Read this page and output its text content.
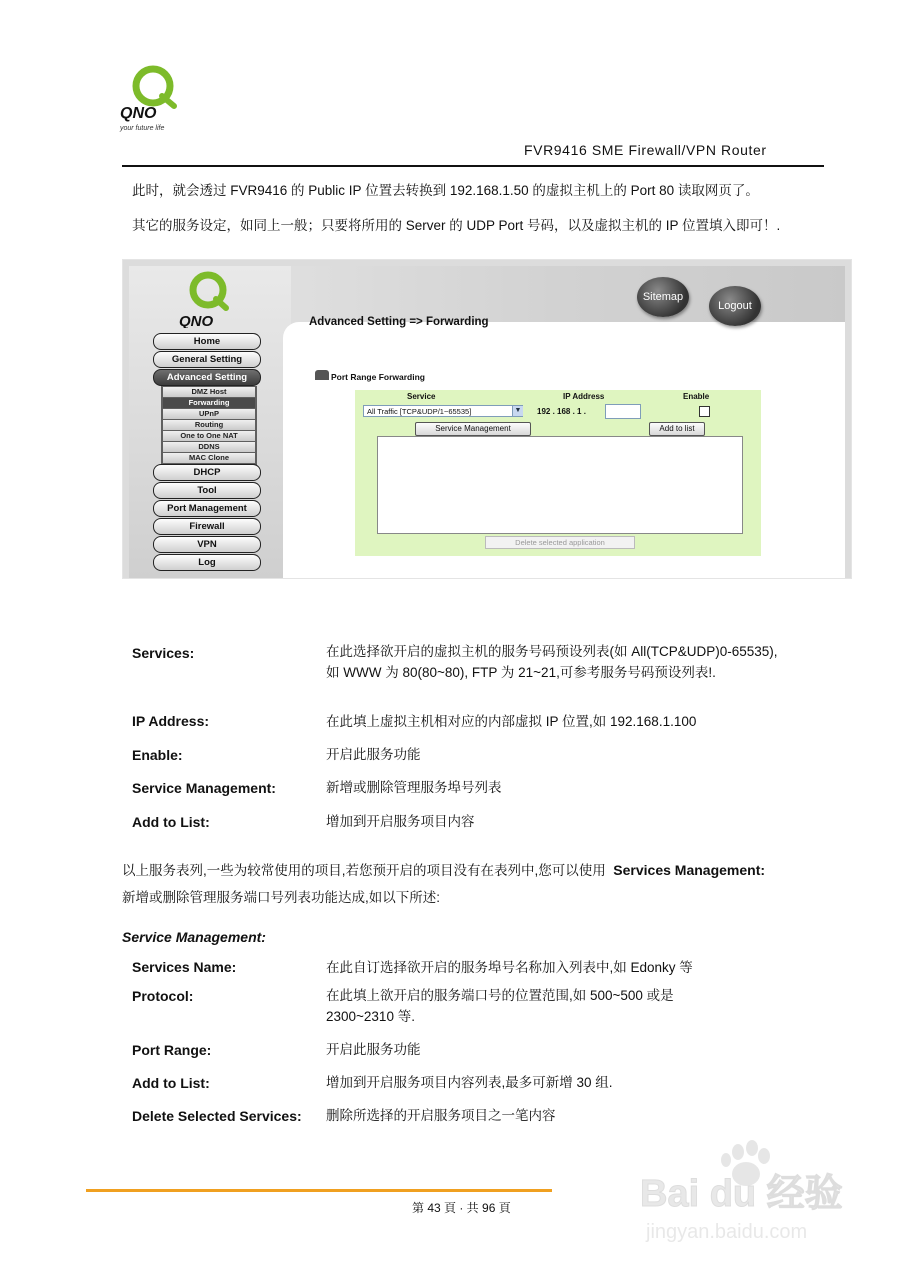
QNO
your future life
FVR9416 SME Firewall/VPN Router
此时，就会透过 FVR9416 的 Public IP 位置去转换到 192.168.1.50 的虚拟主机上的 Port 80 读取网页了。
其它的服务设定，如同上一般；只要将所用的 Server 的 UDP Port 号码，以及虚拟主机的 IP 位置填入即可！.
QNO
Sitemap
Logout
Advanced Setting => Forwarding
Home
General Setting
Advanced Setting
DMZ Host
Forwarding
UPnP
Routing
One to One NAT
DDNS
MAC Clone
DHCP
Tool
Port Management
Firewall
VPN
Log
Port Range Forwarding
Service	IP Address	Enable
All Traffic [TCP&UDP/1~65535]	▼ 192 . 168 . 1 .
Service Management	Add to list
Delete selected application
Services:	在此选择欲开启的虚拟主机的服务号码预设列表(如 All(TCP&UDP)0-65535),如 WWW 为 80(80~80), FTP 为 21~21,可参考服务号码预设列表!.
IP Address:	在此填上虚拟主机相对应的内部虚拟 IP 位置,如 192.168.1.100
Enable:	开启此服务功能
Service Management:	新增或删除管理服务埠号列表
Add to List:	增加到开启服务项目内容
以上服务表列,一些为较常使用的项目,若您预开启的项目没有在表列中,您可以使用 Services Management:
新增或删除管理服务端口号列表功能达成,如以下所述:
Service Management:
Services Name:	在此自订选择欲开启的服务埠号名称加入列表中,如 Edonky 等
Protocol:	在此填上欲开启的服务端口号的位置范围,如 500~500 或是 2300~2310 等.
Port Range:	开启此服务功能
Add to List:	增加到开启服务项目内容列表,最多可新增 30 组.
Delete Selected Services: 删除所选择的开启服务项目之一笔内容
第 43 頁 · 共 96 頁	Bai du 经验
jingyan.baidu.com
